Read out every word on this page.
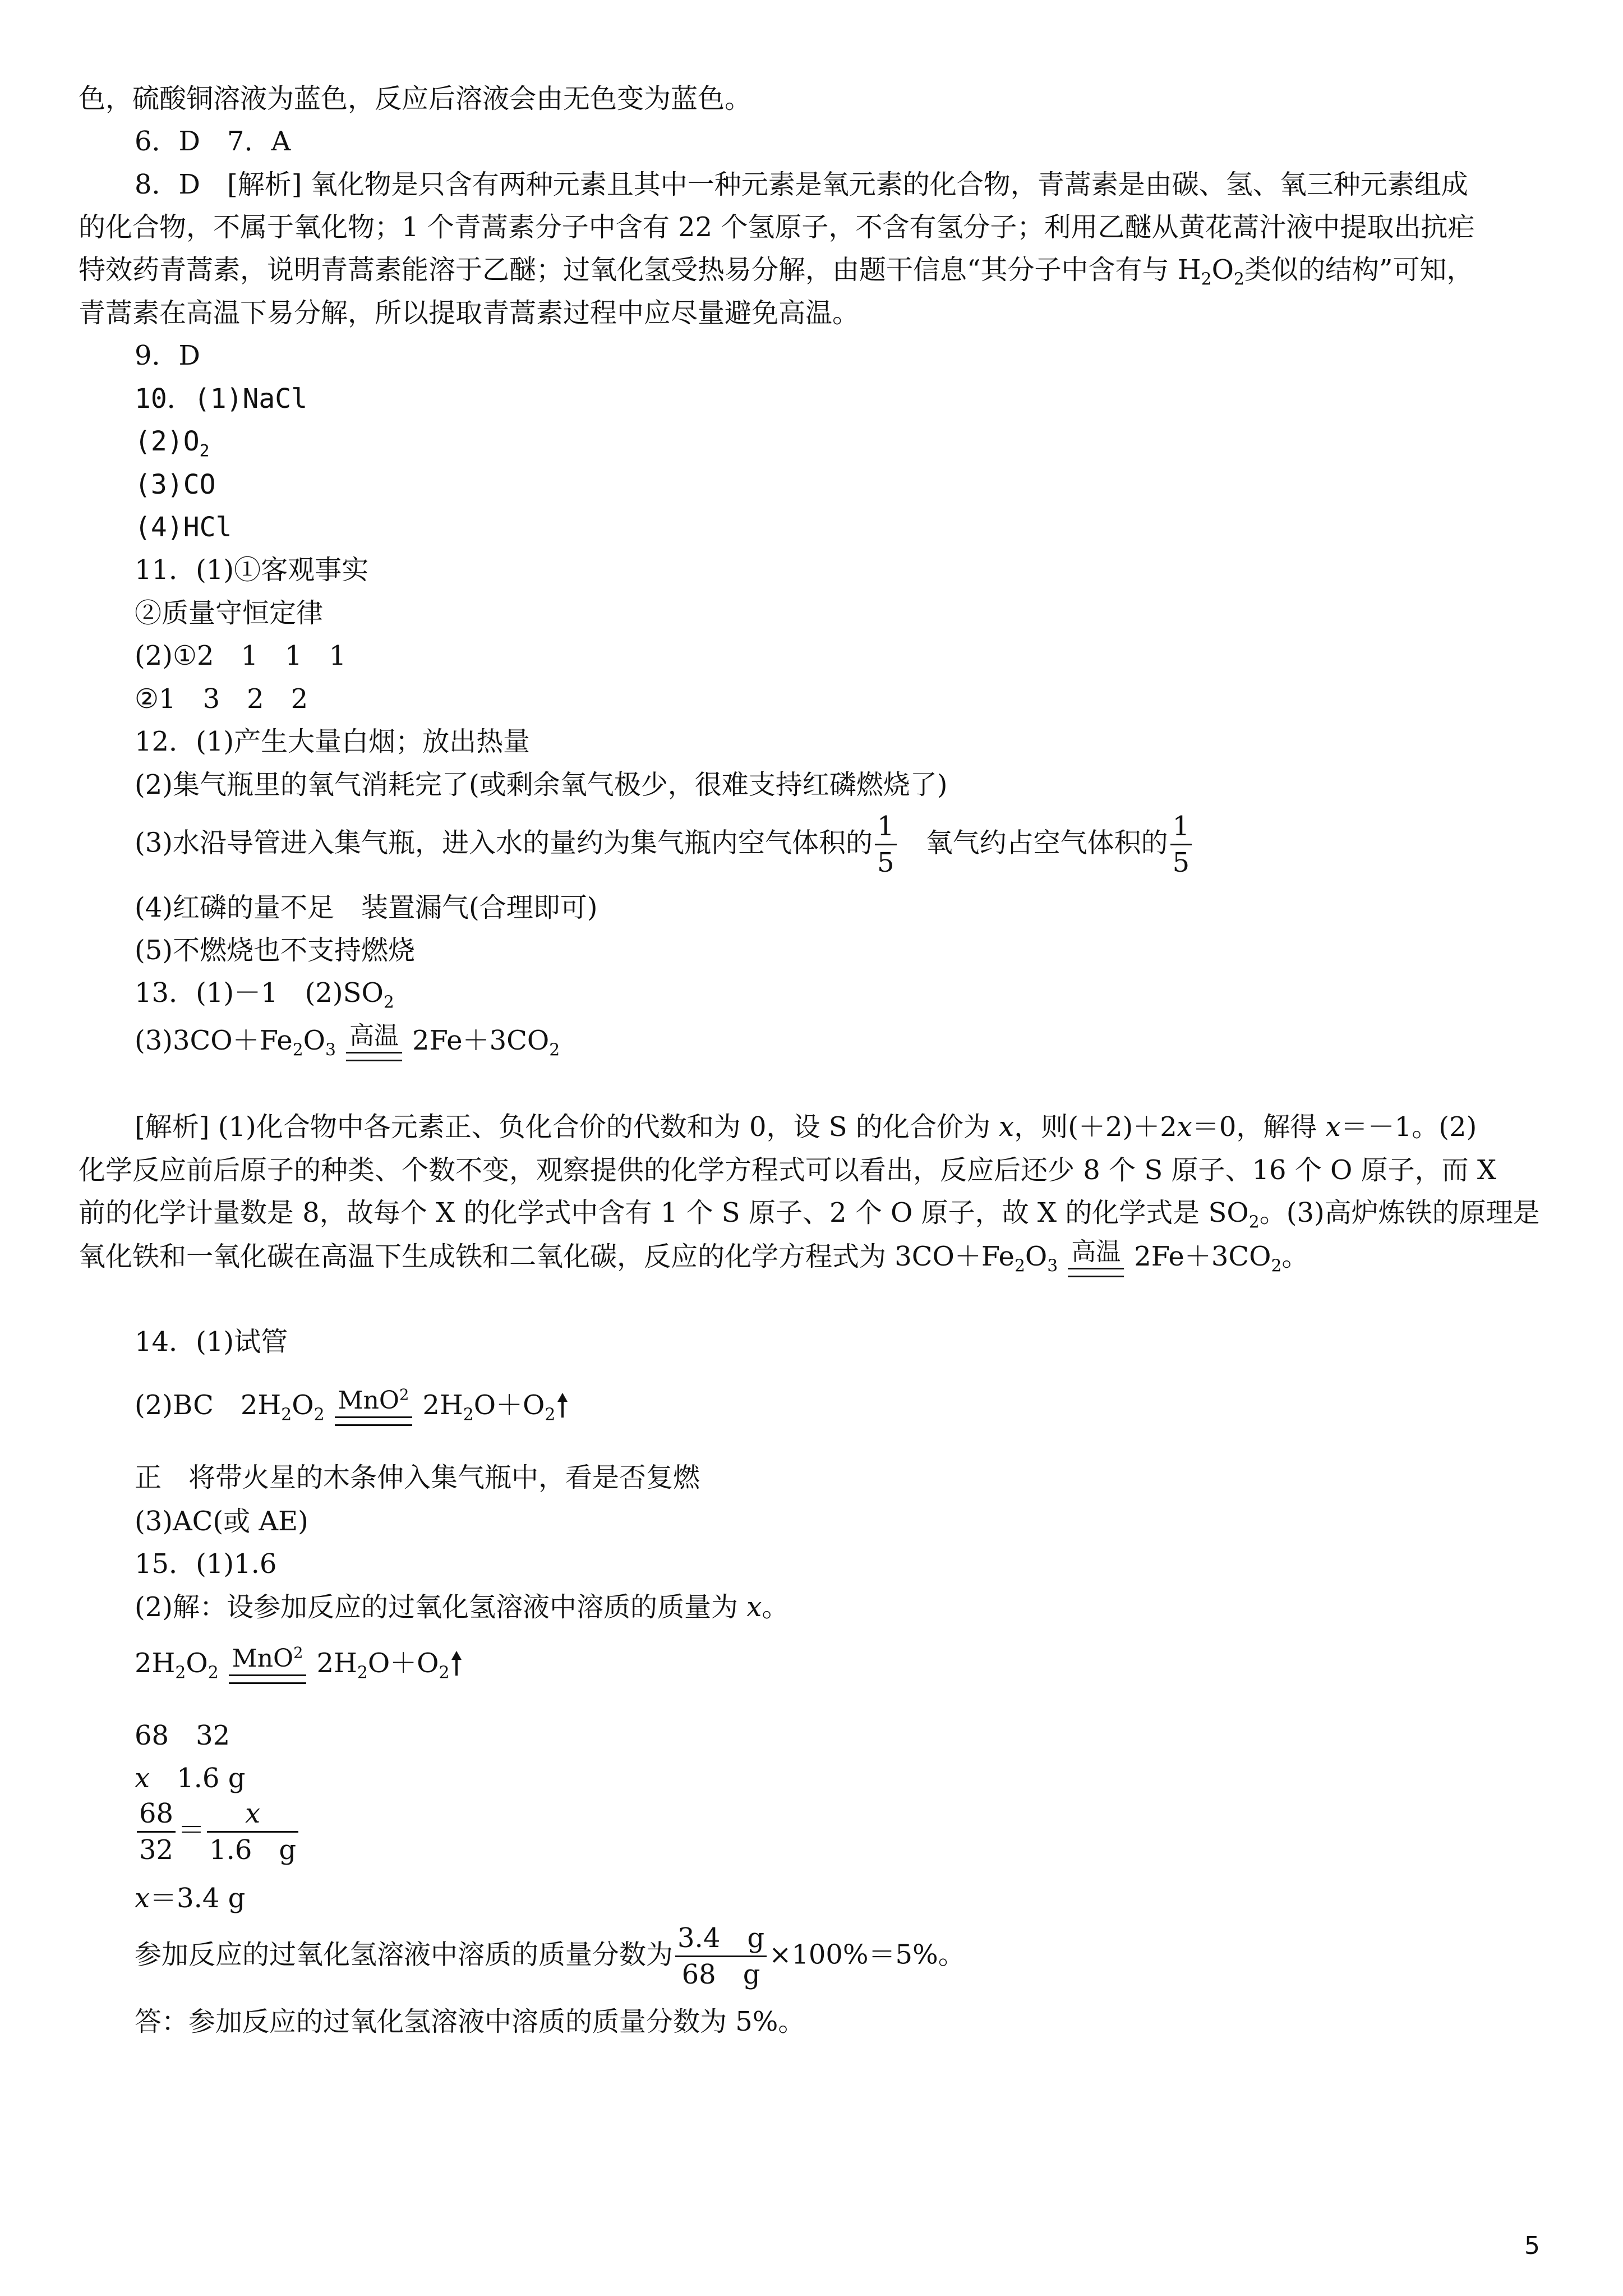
色，硫酸铜溶液为蓝色，反应后溶液会由无色变为蓝色。
6．D　7．A
8．D　[解析] 氧化物是只含有两种元素且其中一种元素是氧元素的化合物，青蒿素是由碳、氢、氧三种元素组成
的化合物，不属于氧化物；1 个青蒿素分子中含有 22 个氢原子，不含有氢分子；利用乙醚从黄花蒿汁液中提取出抗疟
特效药青蒿素，说明青蒿素能溶于乙醚；过氧化氢受热易分解，由题干信息“其分子中含有与 $H_2O_2$类似的结构”可知，
青蒿素在高温下易分解，所以提取青蒿素过程中应尽量避免高温。
9．D
10．(1)NaCl
$(2)O_2$
(3)CO
(4)HCl
11．(1)①客观事实
②质量守恒定律
(2)①2　1　1　1
②1　3　2　2
12．(1)产生大量白烟；放出热量
(2)集气瓶里的氧气消耗完了(或剩余氧气极少，很难支持红磷燃烧了)
(3)水沿导管进入集气瓶，进入水的量约为集气瓶内空气体积的 $\frac{1}{5}$
　 氧气约占空气体积的 $\frac{1}{5}$
(4)红磷的量不足　装置漏气(合理即可)
(5)不燃烧也不支持燃烧
13．(1)－1　$(2)SO_2$
$(3)3CO+Fe_2O_3$
高温 $2Fe+3CO_2$
[解析] (1)化合物中各元素正、负化合价的代数和为 0，设 S 的化合价为 x，则(＋2)＋2x＝0，解得 x＝－1。(2)
化学反应前后原子的种类、个数不变，观察提供的化学方程式可以看出，反应后还少 8 个 S 原子、16 个 O 原子，而 X
前的化学计量数是 8，故每个 X 的化学式中含有 1 个 S 原子、2 个 O 原子，故 X 的化学式是 $SO_2$。(3)高炉炼铁的原理是
氧化铁和一氧化碳在高温下生成铁和二氧化碳，反应的化学方程式为 $3CO+Fe_2O_3$
高温 $2Fe+3CO_2$。
14．(1)试管
(2)BC　$2H_2O_2$
MnO$^2$ $2H_2O+O_2$
正　将带火星的木条伸入集气瓶中，看是否复燃
(3)AC(或 AE)
15．(1)1.6
(2)解：设参加反应的过氧化氢溶液中溶质的质量为 x。
$2H_2O_2$
MnO$^2$ $2H_2O+O_2$
68　32
x　 1.6 g
$\frac{68}{32} = \frac{x}{1.6 g}$
x＝3.4 g
参加反应的过氧化氢溶液中溶质的质量分数为 $\frac{3.4 g}{68 g} \times 100\%=5\%$。
答：参加反应的过氧化氢溶液中溶质的质量分数为 5%。
5
